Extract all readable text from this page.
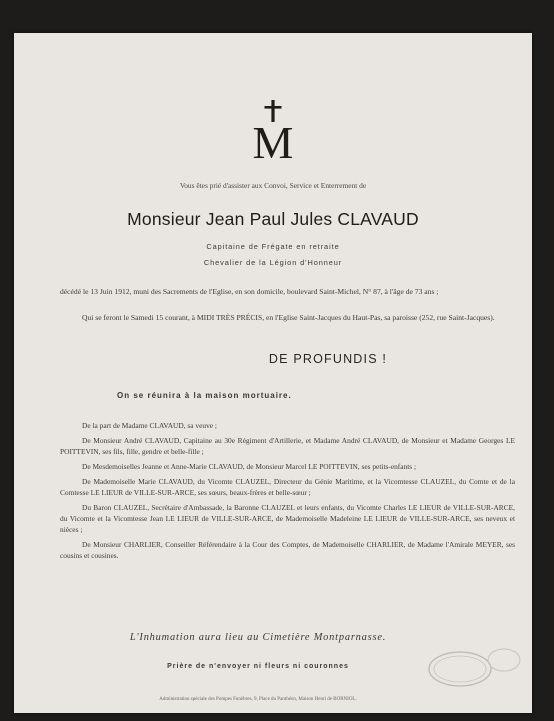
M
Vous êtes prié d'assister aux Convoi, Service et Enterrement de
Monsieur Jean Paul Jules CLAVAUD
Capitaine de Frégate en retraite
Chevalier de la Légion d'Honneur
décédé le 13 Juin 1912, muni des Sacrements de l'Eglise, en son domicile, boulevard Saint-Michel, N° 87, à l'âge de 73 ans ;
Qui se feront le Samedi 15 courant, à MIDI TRÈS PRÉCIS, en l'Eglise Saint-Jacques du Haut-Pas, sa paroisse (252, rue Saint-Jacques).
DE PROFUNDIS !
On se réunira à la maison mortuaire.

De la part de Madame CLAVAUD, sa veuve ;

De Monsieur André CLAVAUD, Capitaine au 30e Régiment d'Artillerie, et Madame André CLAVAUD, de Monsieur et Madame Georges LE POITTEVIN, ses fils, fille, gendre et belle-fille ;

De Mesdemoiselles Jeanne et Anne-Marie CLAVAUD, de Monsieur Marcel LE POITTEVIN, ses petits-enfants ;

De Mademoiselle Marie CLAVAUD, du Vicomte CLAUZEL, Directeur du Génie Maritime, et la Vicomtesse CLAUZEL, du Comte et de la Comtesse LE LIEUR de VILLE-SUR-ARCE, ses sœurs, beaux-frères et belle-sœur ;

Du Baron CLAUZEL, Secrétaire d'Ambassade, la Baronne CLAUZEL et leurs enfants, du Vicomte Charles LE LIEUR de VILLE-SUR-ARCE, du Vicomte et la Vicomtesse Jean LE LIEUR de VILLE-SUR-ARCE, de Mademoiselle Madeleine LE LIEUR de VILLE-SUR-ARCE, ses neveux et nièces ;

De Monsieur CHARLIER, Conseiller Référendaire à la Cour des Comptes, de Mademoiselle CHARLIER, de Madame l'Amirale MEYER, ses cousins et cousines.

L'Inhumation aura lieu au Cimetière Montparnasse.
Prière de n'envoyer ni fleurs ni couronnes
Administration spéciale des Pompes Funèbres, 9, Place du Panthéon, Maison Henri de BORNIOL.
